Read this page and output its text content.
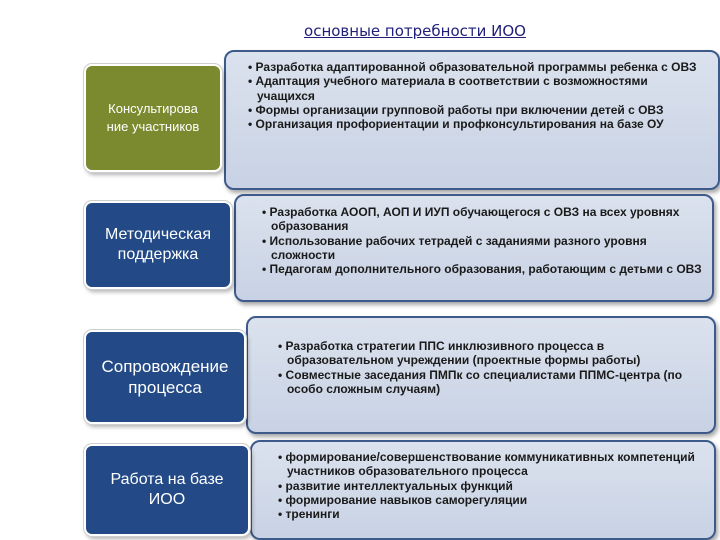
основные потребности ИОО
• Разработка адаптированной образовательной программы ребенка с ОВЗ
• Адаптация учебного материала в соответствии с возможностями учащихся
• Формы организации групповой работы при включении детей с ОВЗ
• Организация профориентации и профконсультирования на базе ОУ
Консультирова
ние участников
• Разработка АООП, АОП И ИУП обучающегося с ОВЗ на всех уровнях образования
• Использование рабочих тетрадей с заданиями разного уровня сложности
• Педагогам дополнительного образования, работающим с детьми с ОВЗ
Методическая
поддержка
• Разработка стратегии ППС инклюзивного процесса в образовательном учреждении (проектные формы работы)
• Совместные заседания ПМПк со специалистами ППМС-центра (по особо сложным случаям)
Сопровождение
процесса
• формирование/совершенствование коммуникативных компетенций участников образовательного процесса
• развитие интеллектуальных функций
• формирование навыков саморегуляции
• тренинги
Работа на базе
ИОО
